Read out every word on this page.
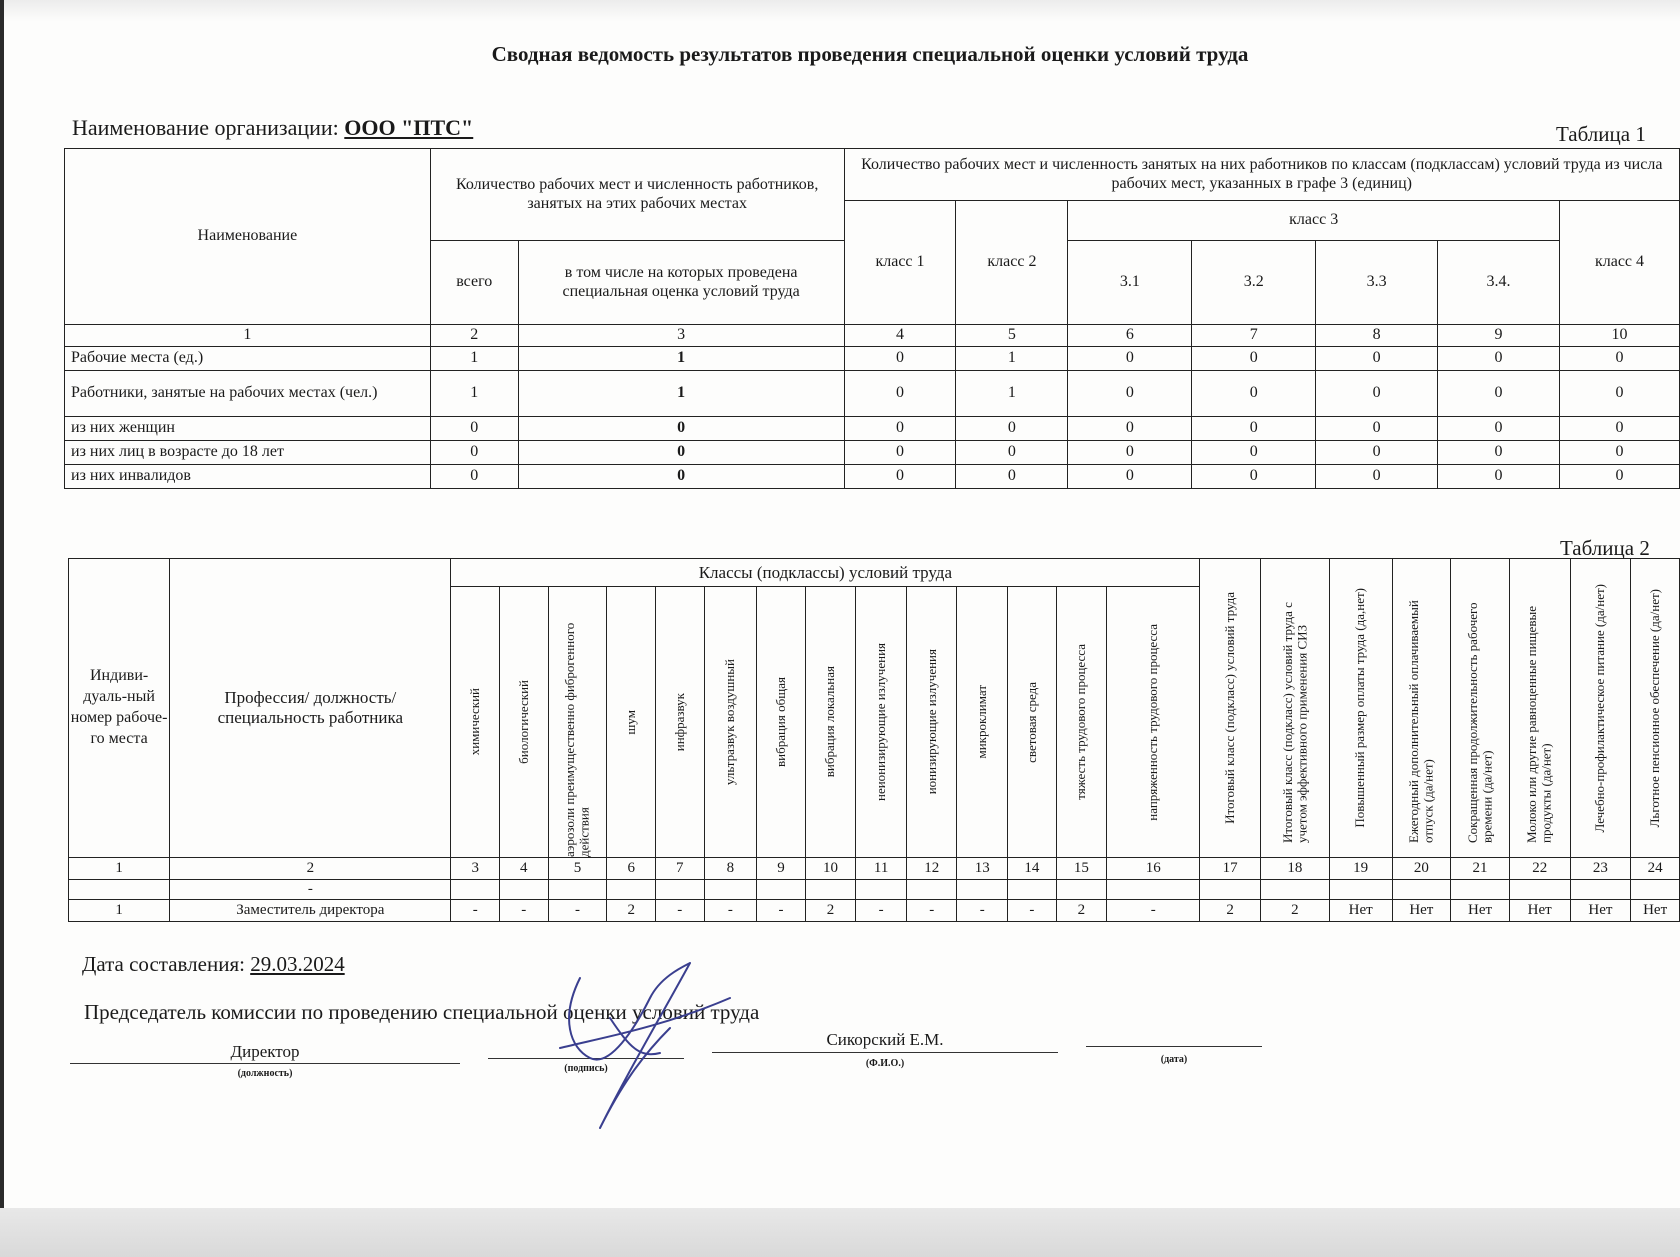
Сводная ведомость результатов проведения специальной оценки условий труда
Наименование организации: ООО "ПТС"	Таблица 1
Наименование	Количество рабочих мест и численность работников, занятых на этих рабочих местах		Количество рабочих мест и численность занятых на них работников по классам (подклассам) условий труда из числа рабочих мест, указанных в графе 3 (единиц)						
			класс 1	класс 2	класс 3				класс 4
	всего	в том числе на которых проведена специальная оценка условий труда			3.1	3.2	3.3	3.4.	

1	2	3	4	5	6	7	8	9	10
Рабочие места (ед.)	1	1	0	1	0	0	0	0	0
Работники, занятые на рабочих местах (чел.)	1	1	0	1	0	0	0	0	0
из них женщин	0	0	0	0	0	0	0	0	0
из них лиц в возрасте до 18 лет	0	0	0	0	0	0	0	0	0
из них инвалидов	0	0	0	0	0	0	0	0	0
Таблица 2
Индиви-дуаль-ный номер рабоче-го места	Профессия/ должность/ специальность работника	Классы (подклассы) условий труда														Итоговый класс (подкласс) условий труда	Итоговый класс (подкласс) условий труда с учетом эффективного применения СИЗ	Повышенный размер оплаты труда (да,нет)	Ежегодный дополнительный оплачиваемый отпуск (да/нет)	Сокращенная продолжительность рабочего времени (да/нет)	Молоко или другие равноценные пищевые продукты (да/нет)	Лечебно-профилактическое питание (да/нет)	Льготное пенсионное обеспечение (да/нет)

		химический	биологический	аэрозоли преимущественно фиброгенного действия	шум	инфразвук	ультразвук воздушный	вибрация общая	вибрация локальная	неионизирующие излучения	ионизирующие излучения	микроклимат	световая среда	тяжесть трудового процесса	напряженность трудового процесса								

1	2	3	4	5	6	7	8	9	10	11	12	13	14	15	16	17	18	19	20	21	22	23	24
	-																						
1	Заместитель директора	-	-	-	2	-	-	-	2	-	-	-	-	2	-	2	2	Нет	Нет	Нет	Нет	Нет	Нет
Дата составления: 29.03.2024
Председатель комиссии по проведению специальной оценки условий труда
Директор
(должность)	(подпись)
Сикорский Е.М.
(Ф.И.О.)	(дата)
